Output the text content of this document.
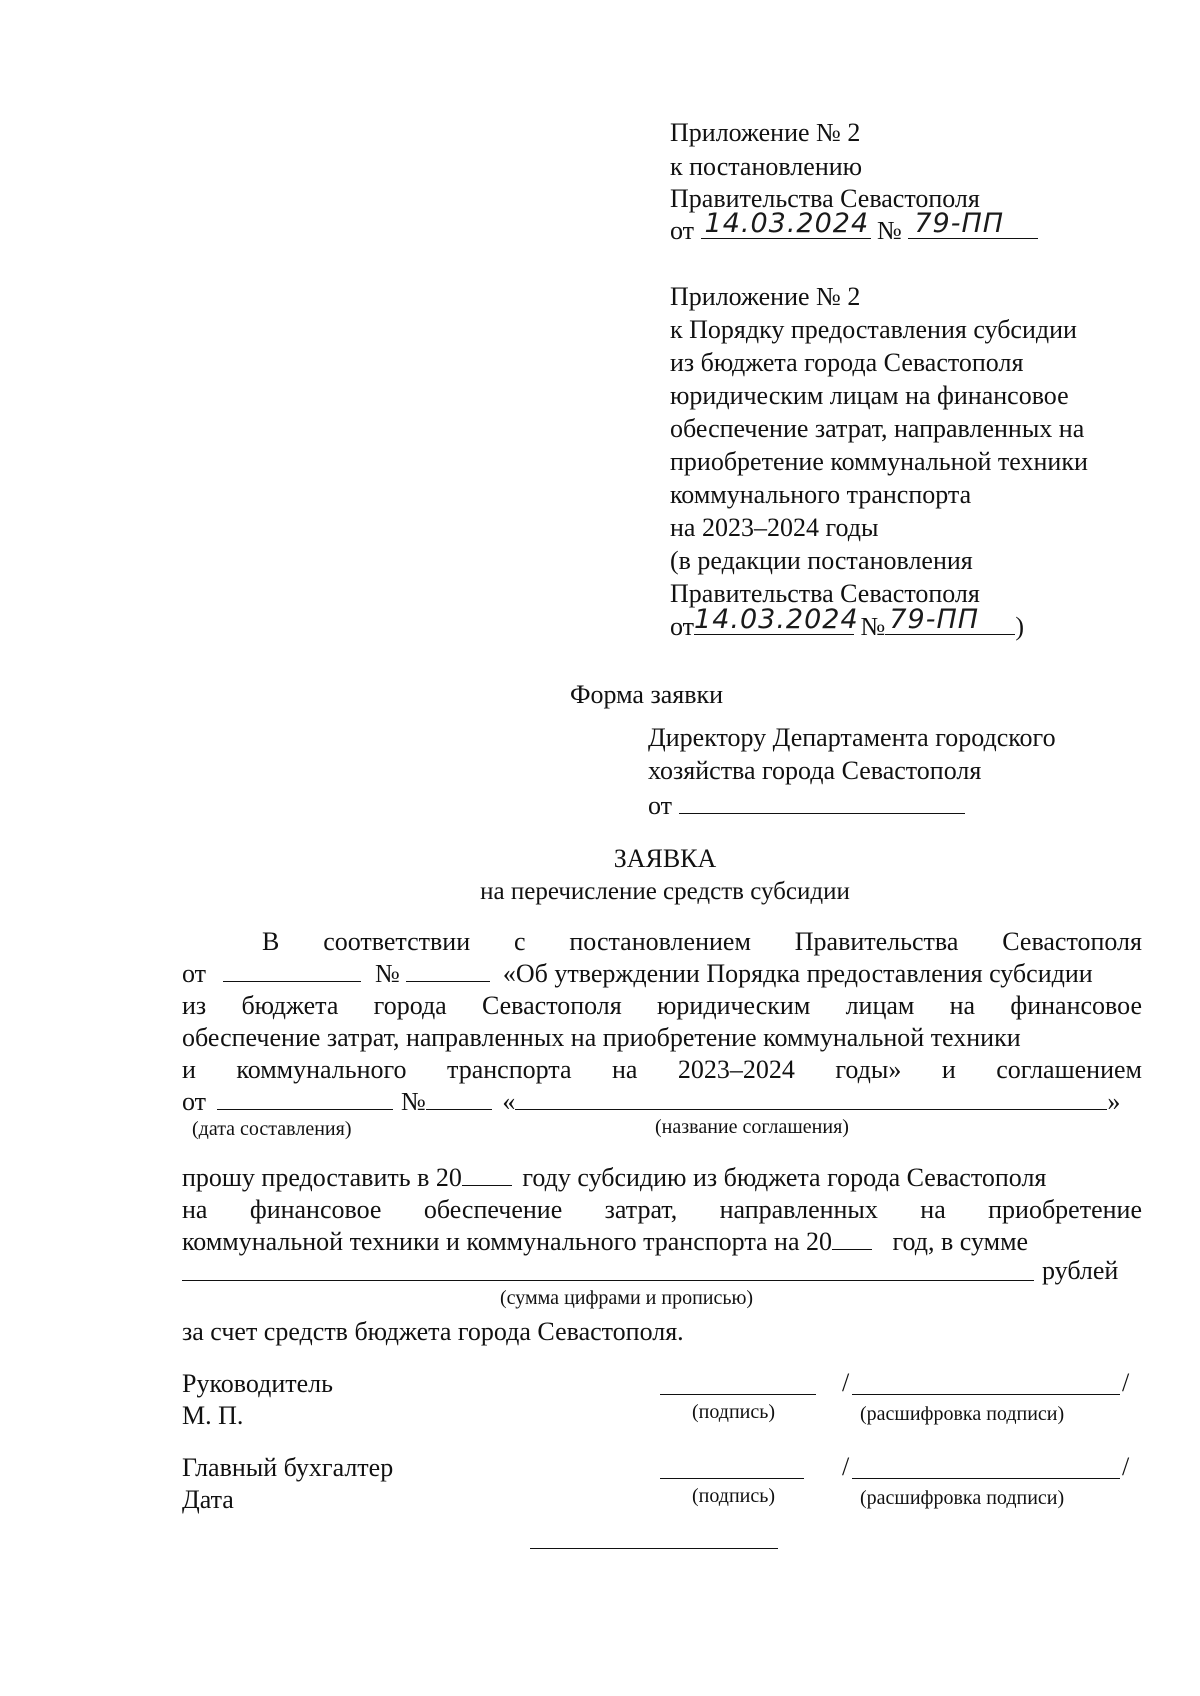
Приложение № 2
к постановлению
Правительства Севастополя
от 14.03.2024 № 79-ПП
Приложение № 2
к Порядку предоставления субсидии
из бюджета города Севастополя
юридическим лицам на финансовое
обеспечение затрат, направленных на
приобретение коммунальной техники
коммунального транспорта
на 2023–2024 годы
(в редакции постановления
Правительства Севастополя
от 14.03.2024 № 79-ПП )
Форма заявки
Директору Департамента городского
хозяйства города Севастополя
от
ЗАЯВКА
на перечисление средств субсидии
В соответствии с постановлением Правительства Севастополя
от	№	«Об утверждении Порядка предоставления субсидии
из бюджета города Севастополя юридическим лицам на финансовое
обеспечение затрат, направленных на приобретение коммунальной техники
и коммунального транспорта на 2023–2024 годы» и соглашением
от	№	«	»
(дата составления)	(название соглашения)
прошу предоставить в 20 году субсидию из бюджета города Севастополя
на финансовое обеспечение затрат, направленных на приобретение
коммунальной техники и коммунального транспорта на 20 год, в сумме
рублей
(сумма цифрами и прописью)
за счет средств бюджета города Севастополя.
Руководитель
М. П.
/	/
(подпись)	(расшифровка подписи)
Главный бухгалтер
Дата
/	/
(подпись)	(расшифровка подписи)
